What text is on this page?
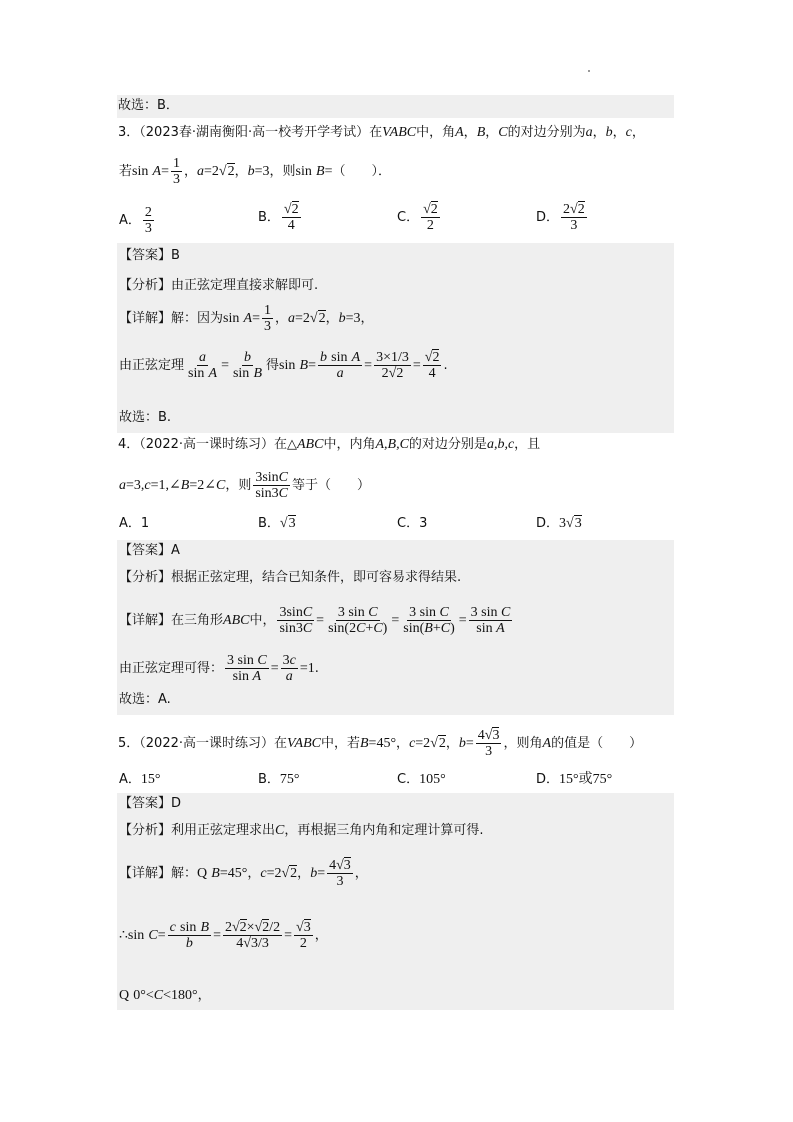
故选：B．
3．（2023春·湖南衡阳·高一校考开学考试）在VABC中，角A，B，C的对边分别为a，b，c，
若$\sin A= \frac{1}{3}$ ，a=2√2，b=3，则sin B=（　　）．
A． $\frac{2}{3}$	B． $\frac{√2}{4}$	C． $\frac{√2}{2}$	D． $\frac{2√2}{3}$
【答案】B
【分析】由正弦定理直接求解即可.
【详解】解：因为$\sin A= \frac{1}{3}$ ，a=2√2，b=3，
由正弦定理 $\frac{a}{\text{sin A}} = \frac{b}{\text{sin B}}$ 得$\sin B= \frac{\text{b sin A}}{a} = \frac{3\times 1/3}{2√2} = \frac{√2}{4}$ .
故选：B.
4．（2022·高一课时练习）在△ABC中，内角A,B,C的对边分别是a,b,c，且
a=3,c=1,∠B=2∠C，则 $\frac{3\sin C}{\sin 3C}$ 等于（　　）
A．1	B．√3	C．3	D．3√3
【答案】A
【分析】根据正弦定理，结合已知条件，即可容易求得结果.
【详解】在三角形ABC中， $\frac{3\sin C}{\sin 3C} = \frac{\text{3 sin C}}{\sin(2C+C)} = \frac{\text{3 sin C}}{\sin(B+C)} = \frac{\text{3 sin C}}{\text{sin A}}$
由正弦定理可得： $\frac{\text{3 sin C}}{\text{sin A}} = \frac{3c}{a} =1$.
故选：A.
5．（2022·高一课时练习）在VABC中，若B=45°，c=2√2，$b= \frac{4√3}{3}$ ，则角A的值是（　　）
A．15°	B．75°	C．105°	D．15°或75°
【答案】D
【分析】利用正弦定理求出C，再根据三角内角和定理计算可得.
【详解】解：Q B=45°，c=2√2，$b= \frac{4√3}{3}$ ，
∴sin $C= \frac{\text{c sin B}}{b} = \frac{2√2\times√2/2}{4√3/3} = \frac{√3}{2}$ ，
Q 0°<C<180°，
